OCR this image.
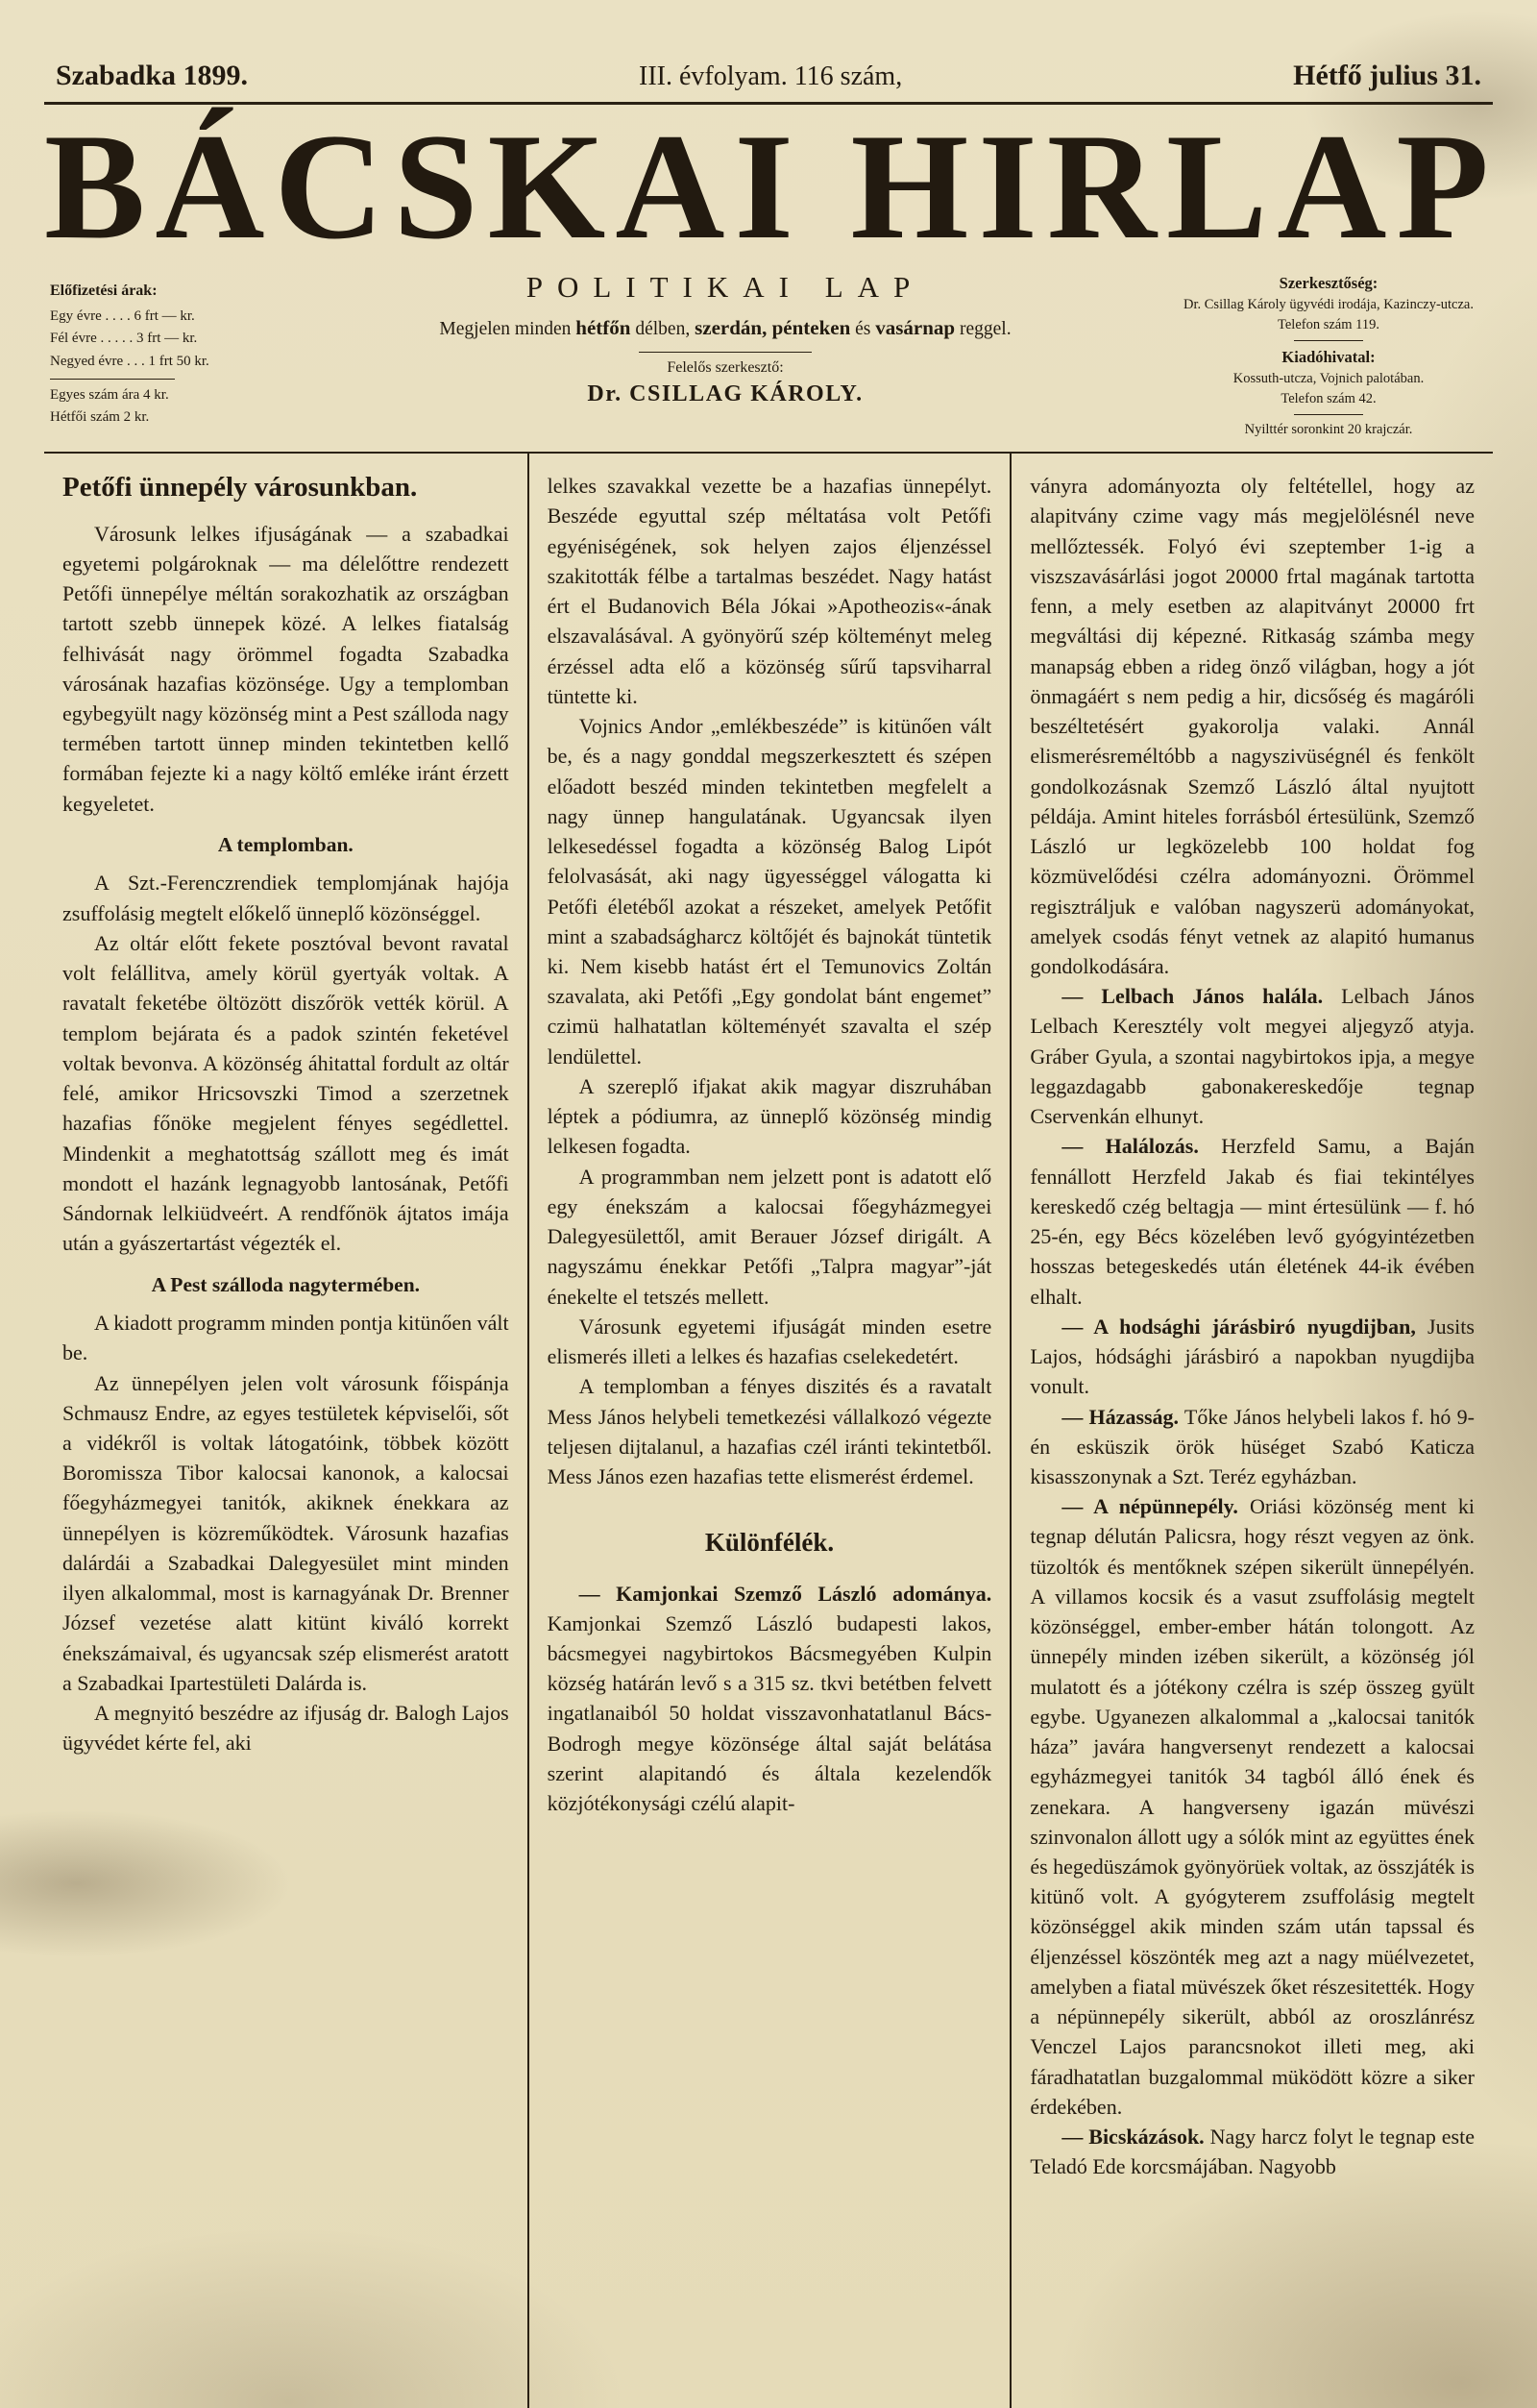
Szabadka 1899.	III. évfolyam. 116 szám,	Hétfő julius 31.
BÁCSKAI HIRLAP
Előfizetési árak:
Egy évre . . . . 6 frt — kr.
Fél évre . . . . . 3 frt — kr.
Negyed évre . . . 1 frt 50 kr.
Egyes szám ára 4 kr.
Hétfői szám 2 kr.
POLITIKAI LAP
Megjelen minden hétfőn délben, szerdán, pénteken és vasárnap reggel.
Felelős szerkesztő:
Dr. CSILLAG KÁROLY.
Szerkesztőség:
Dr. Csillag Károly ügyvédi irodája, Kazinczy-utcza.
Telefon szám 119.
Kiadóhivatal:
Kossuth-utcza, Vojnich palotában.
Telefon szám 42.
Nyilttér soronkint 20 krajczár.
Petőfi ünnepély városunkban.

Városunk lelkes ifjuságának — a szabadkai egyetemi polgároknak — ma délelőttre rendezett Petőfi ünnepélye méltán sorakozhatik az országban tartott szebb ünnepek közé. A lelkes fiatalság felhivását nagy örömmel fogadta Szabadka városának hazafias közönsége. Ugy a templomban egybegyült nagy közönség mint a Pest szálloda nagy termében tartott ünnep minden tekintetben kellő formában fejezte ki a nagy költő emléke iránt érzett kegyeletet.

A templomban.

A Szt.-Ferenczrendiek templomjának hajója zsuffolásig megtelt előkelő ünneplő közönséggel.

Az oltár előtt fekete posztóval bevont ravatal volt felállitva, amely körül gyertyák voltak. A ravatalt feketébe öltözött diszőrök vették körül. A templom bejárata és a padok szintén feketével voltak bevonva. A közönség áhitattal fordult az oltár felé, amikor Hricsovszki Timod a szerzetnek hazafias főnöke megjelent fényes segédlettel. Mindenkit a meghatottság szállott meg és imát mondott el hazánk legnagyobb lantosának, Petőfi Sándornak lelkiüdveért. A rendfőnök ájtatos imája után a gyászertartást végezték el.

A Pest szálloda nagytermében.

A kiadott programm minden pontja kitünően vált be.

Az ünnepélyen jelen volt városunk főispánja Schmausz Endre, az egyes testületek képviselői, sőt a vidékről is voltak látogatóink, többek között Boromissza Tibor kalocsai kanonok, a kalocsai főegyházmegyei tanitók, akiknek énekkara az ünnepélyen is közreműködtek. Városunk hazafias dalárdái a Szabadkai Dalegyesület mint minden ilyen alkalommal, most is karnagyának Dr. Brenner József vezetése alatt kitünt kiváló korrekt énekszámaival, és ugyancsak szép elismerést aratott a Szabadkai Ipartestületi Dalárda is.

A megnyitó beszédre az ifjuság dr. Balogh Lajos ügyvédet kérte fel, aki

lelkes szavakkal vezette be a hazafias ünnepélyt. Beszéde egyuttal szép méltatása volt Petőfi egyéniségének, sok helyen zajos éljenzéssel szakitották félbe a tartalmas beszédet. Nagy hatást ért el Budanovich Béla Jókai »Apotheozis«-ának elszavalásával. A gyönyörű szép költeményt meleg érzéssel adta elő a közönség sűrű tapsviharral tüntette ki.

Vojnics Andor „emlékbeszéde” is kitünően vált be, és a nagy gonddal megszerkesztett és szépen előadott beszéd minden tekintetben megfelelt a nagy ünnep hangulatának. Ugyancsak ilyen lelkesedéssel fogadta a közönség Balog Lipót felolvasását, aki nagy ügyességgel válogatta ki Petőfi életéből azokat a részeket, amelyek Petőfit mint a szabadságharcz költőjét és bajnokát tüntetik ki. Nem kisebb hatást ért el Temunovics Zoltán szavalata, aki Petőfi „Egy gondolat bánt engemet” czimü halhatatlan költeményét szavalta el szép lendülettel.

A szereplő ifjakat akik magyar diszruhában léptek a pódiumra, az ünneplő közönség mindig lelkesen fogadta.

A programmban nem jelzett pont is adatott elő egy énekszám a kalocsai főegyházmegyei Dalegyesülettől, amit Berauer József dirigált. A nagyszámu énekkar Petőfi „Talpra magyar”-ját énekelte el tetszés mellett.

Városunk egyetemi ifjuságát minden esetre elismerés illeti a lelkes és hazafias cselekedetért.

A templomban a fényes diszités és a ravatalt Mess János helybeli temetkezési vállalkozó végezte teljesen dijtalanul, a hazafias czél iránti tekintetből. Mess János ezen hazafias tette elismerést érdemel.

Különfélék.

— Kamjonkai Szemző László adománya. Kamjonkai Szemző László budapesti lakos, bácsmegyei nagybirtokos Bácsmegyében Kulpin község határán levő s a 315 sz. tkvi betétben felvett ingatlanaiból 50 holdat visszavonhatatlanul Bács-Bodrogh megye közönsége által saját belátása szerint alapitandó és általa kezelendők közjótékonysági czélú alapit-

ványra adományozta oly feltétellel, hogy az alapitvány czime vagy más megjelölésnél neve mellőztessék. Folyó évi szeptember 1-ig a viszszavásárlási jogot 20000 frtal magának tartotta fenn, a mely esetben az alapitványt 20000 frt megváltási dij képezné. Ritkaság számba megy manapság ebben a rideg önző világban, hogy a jót önmagáért s nem pedig a hir, dicsőség és magáróli beszéltetésért gyakorolja valaki. Annál elismerésreméltóbb a nagyszivüségnél és fenkölt gondolkozásnak Szemző László által nyujtott példája. Amint hiteles forrásból értesülünk, Szemző László ur legközelebb 100 holdat fog közmüvelődési czélra adományozni. Örömmel regisztráljuk e valóban nagyszerü adományokat, amelyek csodás fényt vetnek az alapitó humanus gondolkodására.

— Lelbach János halála. Lelbach János Lelbach Keresztély volt megyei aljegyző atyja. Gráber Gyula, a szontai nagybirtokos ipja, a megye leggazdagabb gabonakereskedője tegnap Cservenkán elhunyt.

— Halálozás. Herzfeld Samu, a Baján fennállott Herzfeld Jakab és fiai tekintélyes kereskedő czég beltagja — mint értesülünk — f. hó 25-én, egy Bécs közelében levő gyógyintézetben hosszas betegeskedés után életének 44-ik évében elhalt.

— A hodsághi járásbiró nyugdijban, Jusits Lajos, hódsághi járásbiró a napokban nyugdijba vonult.

— Házasság. Tőke János helybeli lakos f. hó 9-én esküszik örök hüséget Szabó Katicza kisasszonynak a Szt. Teréz egyházban.

— A népünnepély. Oriási közönség ment ki tegnap délután Palicsra, hogy részt vegyen az önk. tüzoltók és mentőknek szépen sikerült ünnepélyén. A villamos kocsik és a vasut zsuffolásig megtelt közönséggel, ember-ember hátán tolongott. Az ünnepély minden izében sikerült, a közönség jól mulatott és a jótékony czélra is szép összeg gyült egybe. Ugyanezen alkalommal a „kalocsai tanitók háza” javára hangversenyt rendezett a kalocsai egyházmegyei tanitók 34 tagból álló ének és zenekara. A hangverseny igazán müvészi szinvonalon állott ugy a sólók mint az együttes ének és hegedüszámok gyönyörüek voltak, az összjáték is kitünő volt. A gyógyterem zsuffolásig megtelt közönséggel akik minden szám után tapssal és éljenzéssel köszönték meg azt a nagy müélvezetet, amelyben a fiatal müvészek őket részesitették. Hogy a népünnepély sikerült, abból az oroszlánrész Venczel Lajos parancsnokot illeti meg, aki fáradhatatlan buzgalommal müködött közre a siker érdekében.

— Bicskázások. Nagy harcz folyt le tegnap este Teladó Ede korcsmájában. Nagyobb
